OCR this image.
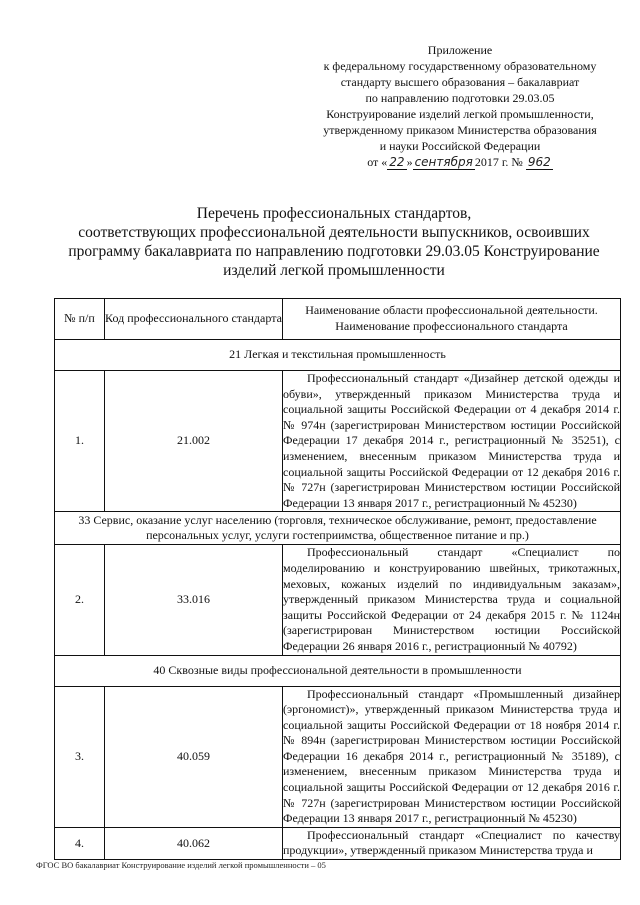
Приложение
к федеральному государственному образовательному
стандарту высшего образования – бакалавриат
по направлению подготовки 29.03.05
Конструирование изделий легкой промышленности,
утвержденному приказом Министерства образования
и науки Российской Федерации
от « 22 » сентября 2017 г. № 962
Перечень профессиональных стандартов,
соответствующих профессиональной деятельности выпускников, освоивших
программу бакалавриата по направлению подготовки 29.03.05 Конструирование
изделий легкой промышленности
№ п/п	Код профессионального стандарта	Наименование области профессиональной деятельности. Наименование профессионального стандарта
21 Легкая и текстильная промышленность		
1.	21.002	Профессиональный стандарт «Дизайнер детской одежды и обуви», утвержденный приказом Министерства труда и социальной защиты Российской Федерации от 4 декабря 2014 г. № 974н (зарегистрирован Министерством юстиции Российской Федерации 17 декабря 2014 г., регистрационный № 35251), с изменением, внесенным приказом Министерства труда и социальной защиты Российской Федерации от 12 декабря 2016 г. № 727н (зарегистрирован Министерством юстиции Российской Федерации 13 января 2017 г., регистрационный № 45230)
33 Сервис, оказание услуг населению (торговля, техническое обслуживание, ремонт, предоставление персональных услуг, услуги гостеприимства, общественное питание и пр.)		
2.	33.016	Профессиональный стандарт «Специалист по моделированию и конструированию швейных, трикотажных, меховых, кожаных изделий по индивидуальным заказам», утвержденный приказом Министерства труда и социальной защиты Российской Федерации от 24 декабря 2015 г. № 1124н (зарегистрирован Министерством юстиции Российской Федерации 26 января 2016 г., регистрационный № 40792)
40 Сквозные виды профессиональной деятельности в промышленности		
3.	40.059	Профессиональный стандарт «Промышленный дизайнер (эргономист)», утвержденный приказом Министерства труда и социальной защиты Российской Федерации от 18 ноября 2014 г. № 894н (зарегистрирован Министерством юстиции Российской Федерации 16 декабря 2014 г., регистрационный № 35189), с изменением, внесенным приказом Министерства труда и социальной защиты Российской Федерации от 12 декабря 2016 г. № 727н (зарегистрирован Министерством юстиции Российской Федерации 13 января 2017 г., регистрационный № 45230)
4.	40.062	Профессиональный стандарт «Специалист по качеству продукции», утвержденный приказом Министерства труда и
ФГОС ВО бакалавриат Конструирование изделий легкой промышленности – 05
